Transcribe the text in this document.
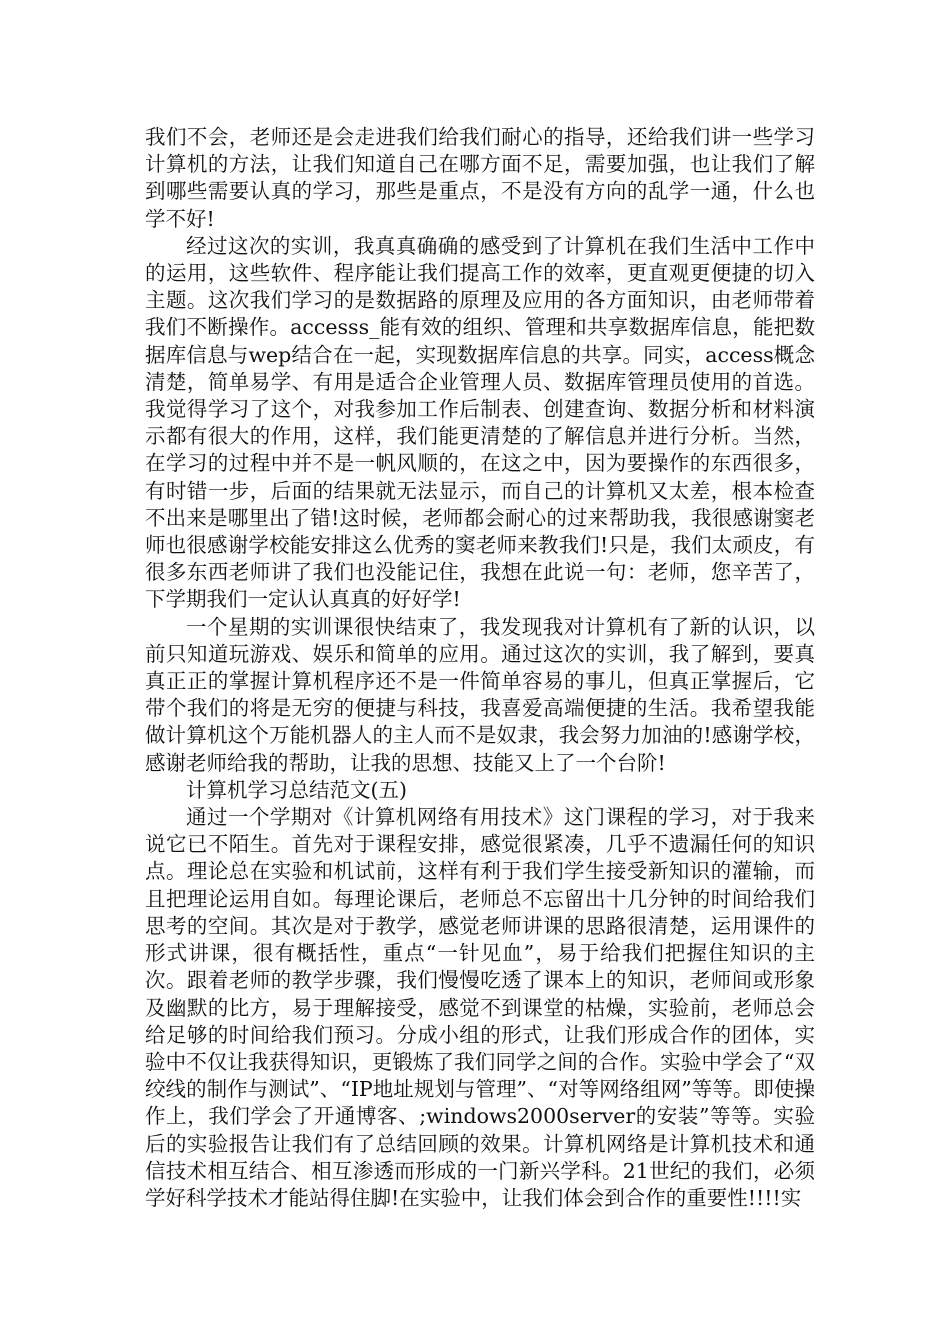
我们不会，老师还是会走进我们给我们耐心的指导，还给我们讲一些学习计算机的方法，让我们知道自己在哪方面不足，需要加强，也让我们了解到哪些需要认真的学习，那些是重点，不是没有方向的乱学一通，什么也学不好!

经过这次的实训，我真真确确的感受到了计算机在我们生活中工作中的运用，这些软件、程序能让我们提高工作的效率，更直观更便捷的切入主题。这次我们学习的是数据路的原理及应用的各方面知识，由老师带着我们不断操作。accesss_能有效的组织、管理和共享数据库信息，能把数据库信息与wep结合在一起，实现数据库信息的共享。同实，access概念清楚，简单易学、有用是适合企业管理人员、数据库管理员使用的首选。我觉得学习了这个，对我参加工作后制表、创建查询、数据分析和材料演示都有很大的作用，这样，我们能更清楚的了解信息并进行分析。当然，在学习的过程中并不是一帆风顺的，在这之中，因为要操作的东西很多，有时错一步，后面的结果就无法显示，而自己的计算机又太差，根本检查不出来是哪里出了错!这时候，老师都会耐心的过来帮助我，我很感谢窦老师也很感谢学校能安排这么优秀的窦老师来教我们!只是，我们太顽皮，有很多东西老师讲了我们也没能记住，我想在此说一句：老师，您辛苦了，下学期我们一定认认真真的好好学!

一个星期的实训课很快结束了，我发现我对计算机有了新的认识，以前只知道玩游戏、娱乐和简单的应用。通过这次的实训，我了解到，要真真正正的掌握计算机程序还不是一件简单容易的事儿，但真正掌握后，它带个我们的将是无穷的便捷与科技，我喜爱高端便捷的生活。我希望我能做计算机这个万能机器人的主人而不是奴隶，我会努力加油的!感谢学校，感谢老师给我的帮助，让我的思想、技能又上了一个台阶!

计算机学习总结范文(五)

通过一个学期对《计算机网络有用技术》这门课程的学习，对于我来说它已不陌生。首先对于课程安排，感觉很紧凑，几乎不遗漏任何的知识点。理论总在实验和机试前，这样有利于我们学生接受新知识的灌输，而且把理论运用自如。每理论课后，老师总不忘留出十几分钟的时间给我们思考的空间。其次是对于教学，感觉老师讲课的思路很清楚，运用课件的形式讲课，很有概括性，重点“一针见血”，易于给我们把握住知识的主次。跟着老师的教学步骤，我们慢慢吃透了课本上的知识，老师间或形象及幽默的比方，易于理解接受，感觉不到课堂的枯燥，实验前，老师总会给足够的时间给我们预习。分成小组的形式，让我们形成合作的团体，实验中不仅让我获得知识，更锻炼了我们同学之间的合作。实验中学会了“双绞线的制作与测试”、“IP地址规划与管理”、“对等网络组网”等等。即使操作上，我们学会了开通博客、;windows2000server的安装”等等。实验后的实验报告让我们有了总结回顾的效果。计算机网络是计算机技术和通信技术相互结合、相互渗透而形成的一门新兴学科。21世纪的我们，必须学好科学技术才能站得住脚!在实验中，让我们体会到合作的重要性!!!!实
